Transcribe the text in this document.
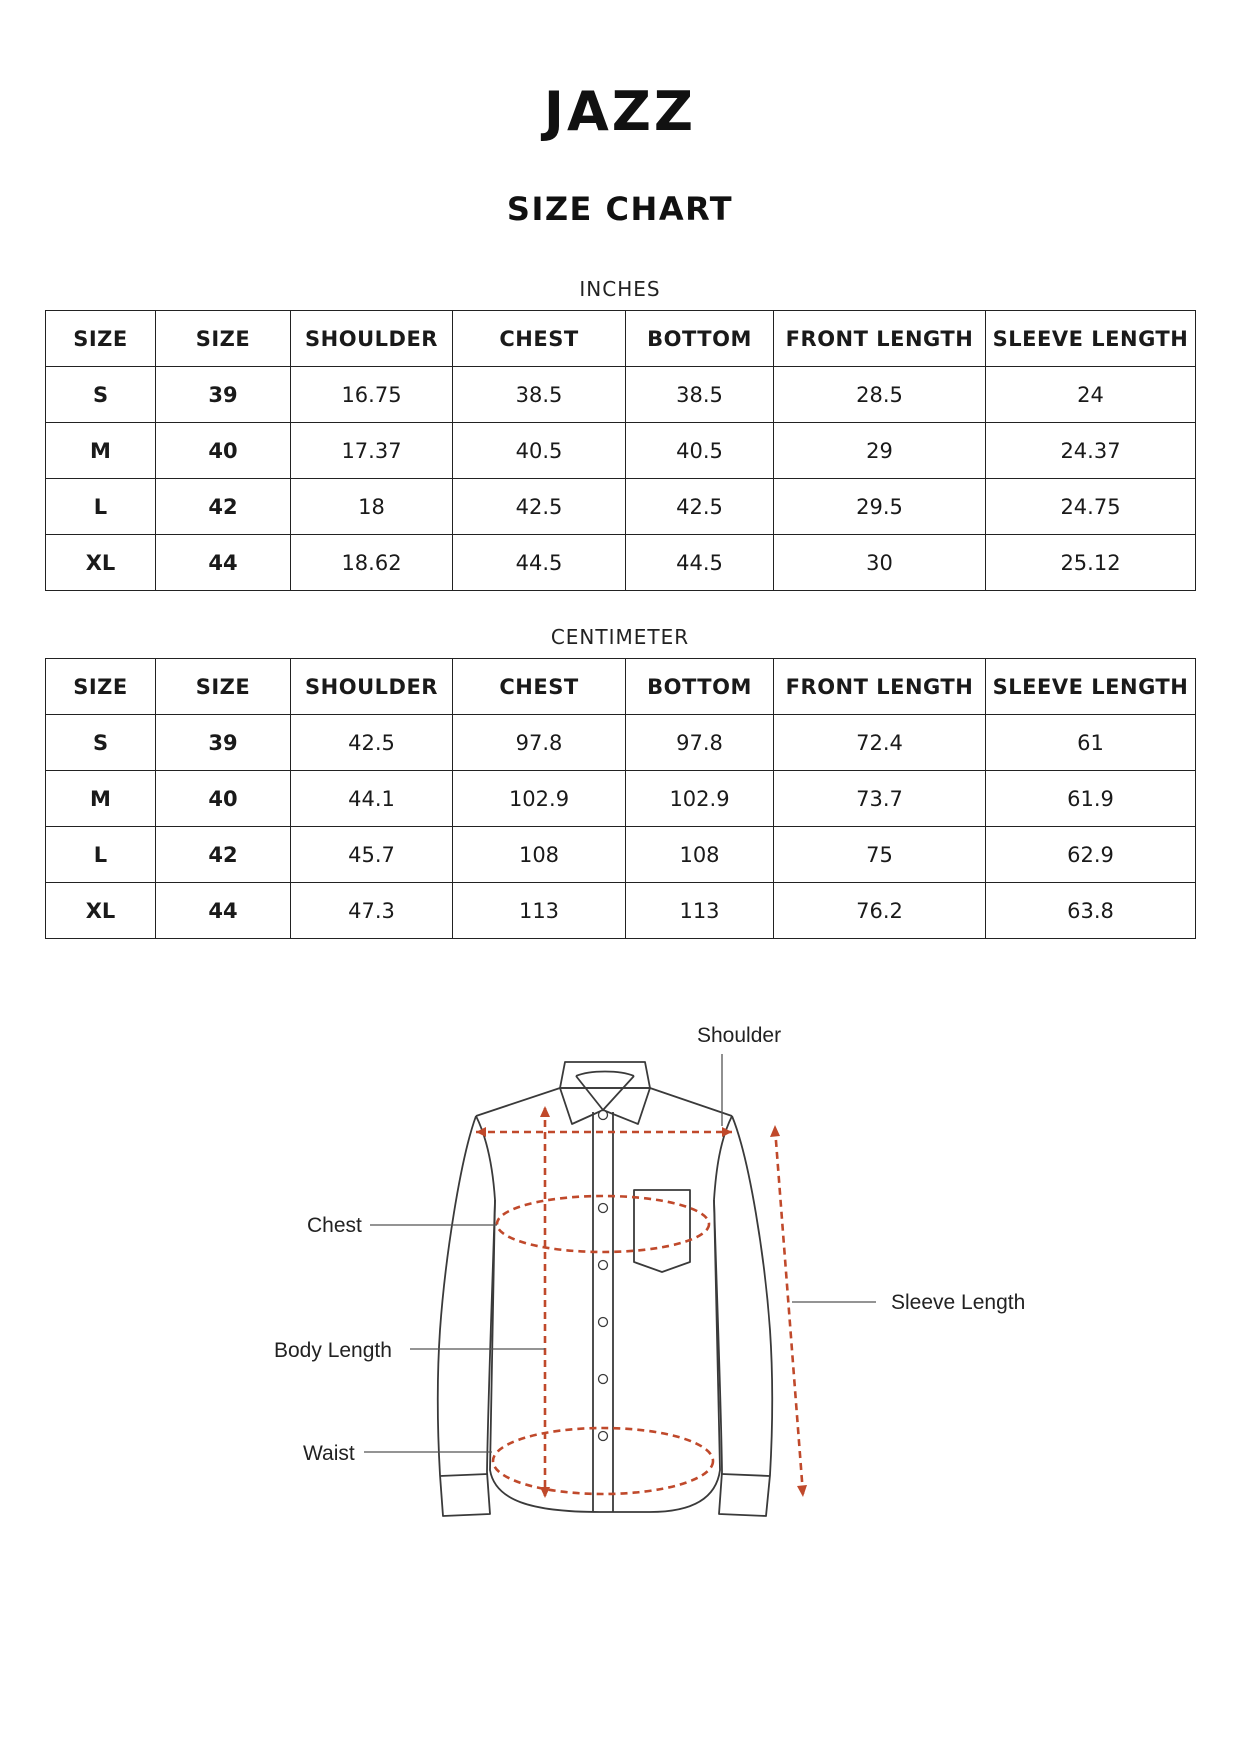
JAZZ
SIZE CHART
INCHES
SIZE	SIZE	SHOULDER	CHEST	BOTTOM	FRONT LENGTH	SLEEVE LENGTH
S	39	16.75	38.5	38.5	28.5	24
M	40	17.37	40.5	40.5	29	24.37
L	42	18	42.5	42.5	29.5	24.75
XL	44	18.62	44.5	44.5	30	25.12
CENTIMETER
SIZE	SIZE	SHOULDER	CHEST	BOTTOM	FRONT LENGTH	SLEEVE LENGTH
S	39	42.5	97.8	97.8	72.4	61
M	40	44.1	102.9	102.9	73.7	61.9
L	42	45.7	108	108	75	62.9
XL	44	47.3	113	113	76.2	63.8
Shoulder
Chest
Body Length
Waist
Sleeve Length
